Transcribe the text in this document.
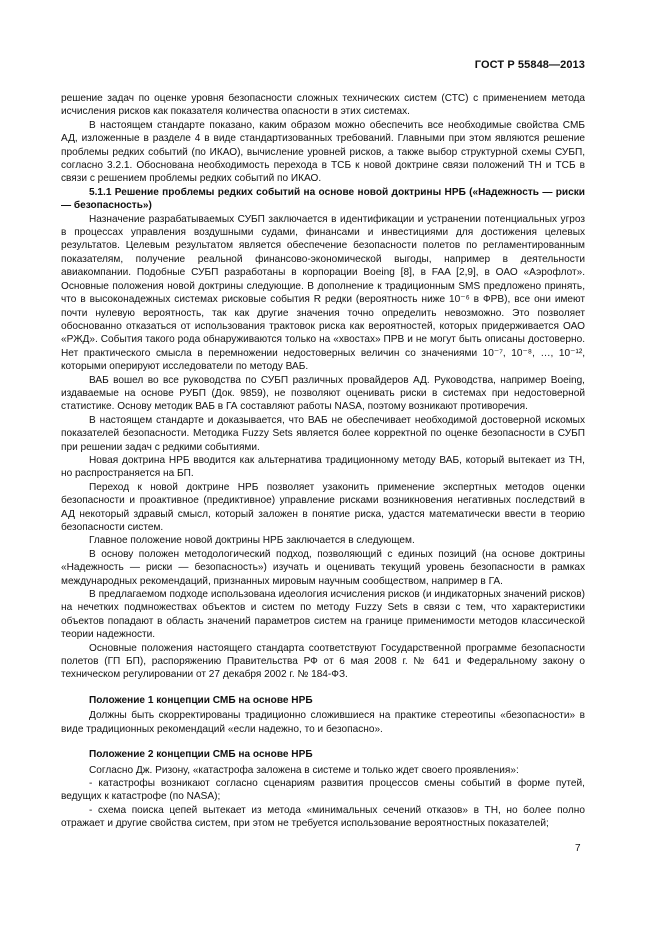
ГОСТ Р 55848—2013

решение задач по оценке уровня безопасности сложных технических систем (СТС) с применением метода исчисления рисков как показателя количества опасности в этих системах.

В настоящем стандарте показано, каким образом можно обеспечить все необходимые свойства СМБ АД, изложенные в разделе 4 в виде стандартизованных требований. Главными при этом являются решение проблемы редких событий (по ИКАО), вычисление уровней рисков, а также выбор структурной схемы СУБП, согласно 3.2.1. Обоснована необходимость перехода в ТСБ к новой доктрине связи положений ТН и ТСБ в связи с решением проблемы редких событий по ИКАО.

5.1.1 Решение проблемы редких событий на основе новой доктрины НРБ («Надежность — риски — безопасность»)

Назначение разрабатываемых СУБП заключается в идентификации и устранении потенциальных угроз в процессах управления воздушными судами, финансами и инвестициями для достижения целевых результатов. Целевым результатом является обеспечение безопасности полетов по регламентированным показателям, получение реальной финансово-экономической выгоды, например в деятельности авиакомпании. Подобные СУБП разработаны в корпорации Boeing [8], в FAA [2,9], в ОАО «Аэрофлот». Основные положения новой доктрины следующие. В дополнение к традиционным SMS предложено принять, что в высоконадежных системах рисковые события R редки (вероятность ниже 10⁻⁶ в ФРВ), все они имеют почти нулевую вероятность, так как другие значения точно определить невозможно. Это позволяет обоснованно отказаться от использования трактовок риска как вероятностей, которых придерживается ОАО «РЖД». События такого рода обнаруживаются только на «хвостах» ПРВ и не могут быть описаны достоверно. Нет практического смысла в перемножении недостоверных величин со значениями 10⁻⁷, 10⁻⁸, …, 10⁻¹², которыми оперируют исследователи по методу ВАБ.

ВАБ вошел во все руководства по СУБП различных провайдеров АД. Руководства, например Boeing, издаваемые на основе РУБП (Док. 9859), не позволяют оценивать риски в системах при недостоверной статистике. Основу методик ВАБ в ГА составляют работы NASA, поэтому возникают противоречия.

В настоящем стандарте и доказывается, что ВАБ не обеспечивает необходимой достоверной искомых показателей безопасности. Методика Fuzzy Sets является более корректной по оценке безопасности в СУБП при решении задач с редкими событиями.

Новая доктрина НРБ вводится как альтернатива традиционному методу ВАБ, который вытекает из ТН, но распространяется на БП.

Переход к новой доктрине НРБ позволяет узаконить применение экспертных методов оценки безопасности и проактивное (предиктивное) управление рисками возникновения негативных последствий в АД некоторый здравый смысл, который заложен в понятие риска, удастся математически ввести в теорию безопасности систем.

Главное положение новой доктрины НРБ заключается в следующем.

В основу положен методологический подход, позволяющий с единых позиций (на основе доктрины «Надежность — риски — безопасность») изучать и оценивать текущий уровень безопасности в рамках международных рекомендаций, признанных мировым научным сообществом, например в ГА.

В предлагаемом подходе использована идеология исчисления рисков (и индикаторных значений рисков) на нечетких подмножествах объектов и систем по методу Fuzzy Sets в связи с тем, что характеристики объектов попадают в область значений параметров систем на границе применимости методов классической теории надежности.

Основные положения настоящего стандарта соответствуют Государственной программе безопасности полетов (ГП БП), распоряжению Правительства РФ от 6 мая 2008 г. № 641 и Федеральному закону о техническом регулировании от 27 декабря 2002 г. № 184-ФЗ.

Положение 1 концепции СМБ на основе НРБ

Должны быть скорректированы традиционно сложившиеся на практике стереотипы «безопасности» в виде традиционных рекомендаций «если надежно, то и безопасно».

Положение 2 концепции СМБ на основе НРБ

Согласно Дж. Ризону, «катастрофа заложена в системе и только ждет своего проявления»:

- катастрофы возникают согласно сценариям развития процессов смены событий в форме путей, ведущих к катастрофе (по NASA);

- схема поиска цепей вытекает из метода «минимальных сечений отказов» в ТН, но более полно отражает и другие свойства систем, при этом не требуется использование вероятностных показателей;

7
